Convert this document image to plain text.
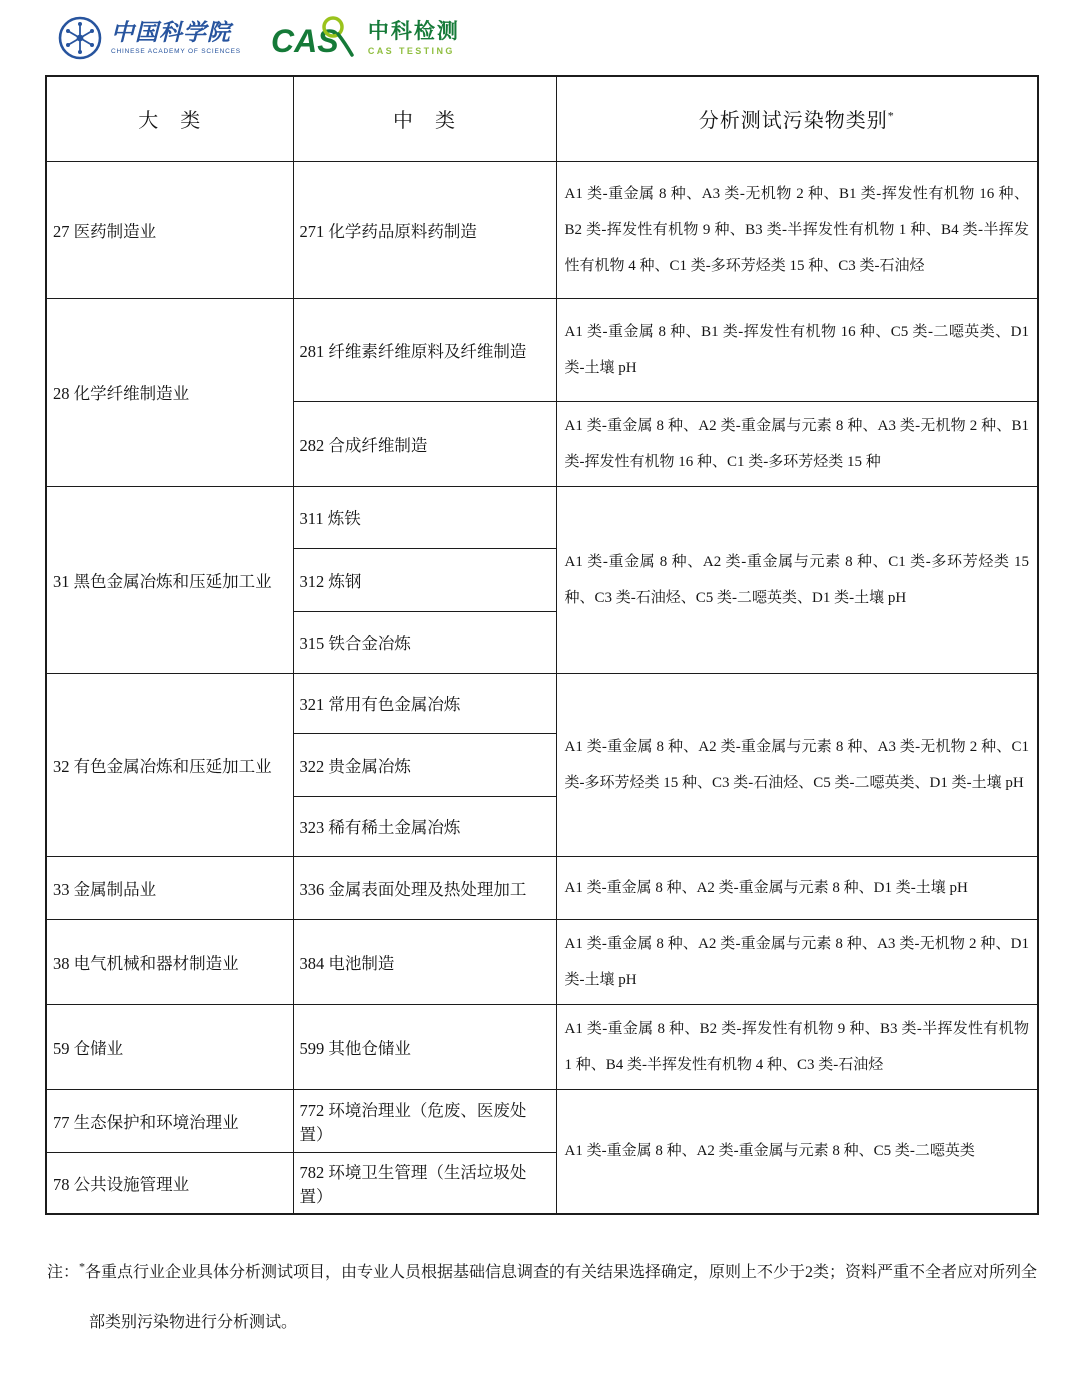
中国科学院
CHINESE ACADEMY OF SCIENCES CAS 中科检测
CAS TESTING
大　类	中　类	分析测试污染物类别*
27 医药制造业	271 化学药品原料药制造	A1 类-重金属 8 种、A3 类-无机物 2 种、B1 类-挥发性有机物 16 种、B2 类-挥发性有机物 9 种、B3 类-半挥发性有机物 1 种、B4 类-半挥发性有机物 4 种、C1 类-多环芳烃类 15 种、C3 类-石油烃
28 化学纤维制造业	281 纤维素纤维原料及纤维制造	A1 类-重金属 8 种、B1 类-挥发性有机物 16 种、C5 类-二噁英类、D1 类-土壤 pH
	282 合成纤维制造	A1 类-重金属 8 种、A2 类-重金属与元素 8 种、A3 类-无机物 2 种、B1 类-挥发性有机物 16 种、C1 类-多环芳烃类 15 种
31 黑色金属冶炼和压延加工业	311 炼铁	A1 类-重金属 8 种、A2 类-重金属与元素 8 种、C1 类-多环芳烃类 15 种、C3 类-石油烃、C5 类-二噁英类、D1 类-土壤 pH
	312 炼钢	
	315 铁合金冶炼	
32 有色金属冶炼和压延加工业	321 常用有色金属冶炼	A1 类-重金属 8 种、A2 类-重金属与元素 8 种、A3 类-无机物 2 种、C1 类-多环芳烃类 15 种、C3 类-石油烃、C5 类-二噁英类、D1 类-土壤 pH
	322 贵金属冶炼	
	323 稀有稀土金属冶炼	
33 金属制品业	336 金属表面处理及热处理加工	A1 类-重金属 8 种、A2 类-重金属与元素 8 种、D1 类-土壤 pH
38 电气机械和器材制造业	384 电池制造	A1 类-重金属 8 种、A2 类-重金属与元素 8 种、A3 类-无机物 2 种、D1 类-土壤 pH
59 仓储业	599 其他仓储业	A1 类-重金属 8 种、B2 类-挥发性有机物 9 种、B3 类-半挥发性有机物 1 种、B4 类-半挥发性有机物 4 种、C3 类-石油烃
77 生态保护和环境治理业	772 环境治理业（危废、医废处置）	A1 类-重金属 8 种、A2 类-重金属与元素 8 种、C5 类-二噁英类
78 公共设施管理业	782 环境卫生管理（生活垃圾处置）	

注：*各重点行业企业具体分析测试项目，由专业人员根据基础信息调查的有关结果选择确定，原则上不少于2类；资料严重不全者应对所列全部类别污染物进行分析测试。
